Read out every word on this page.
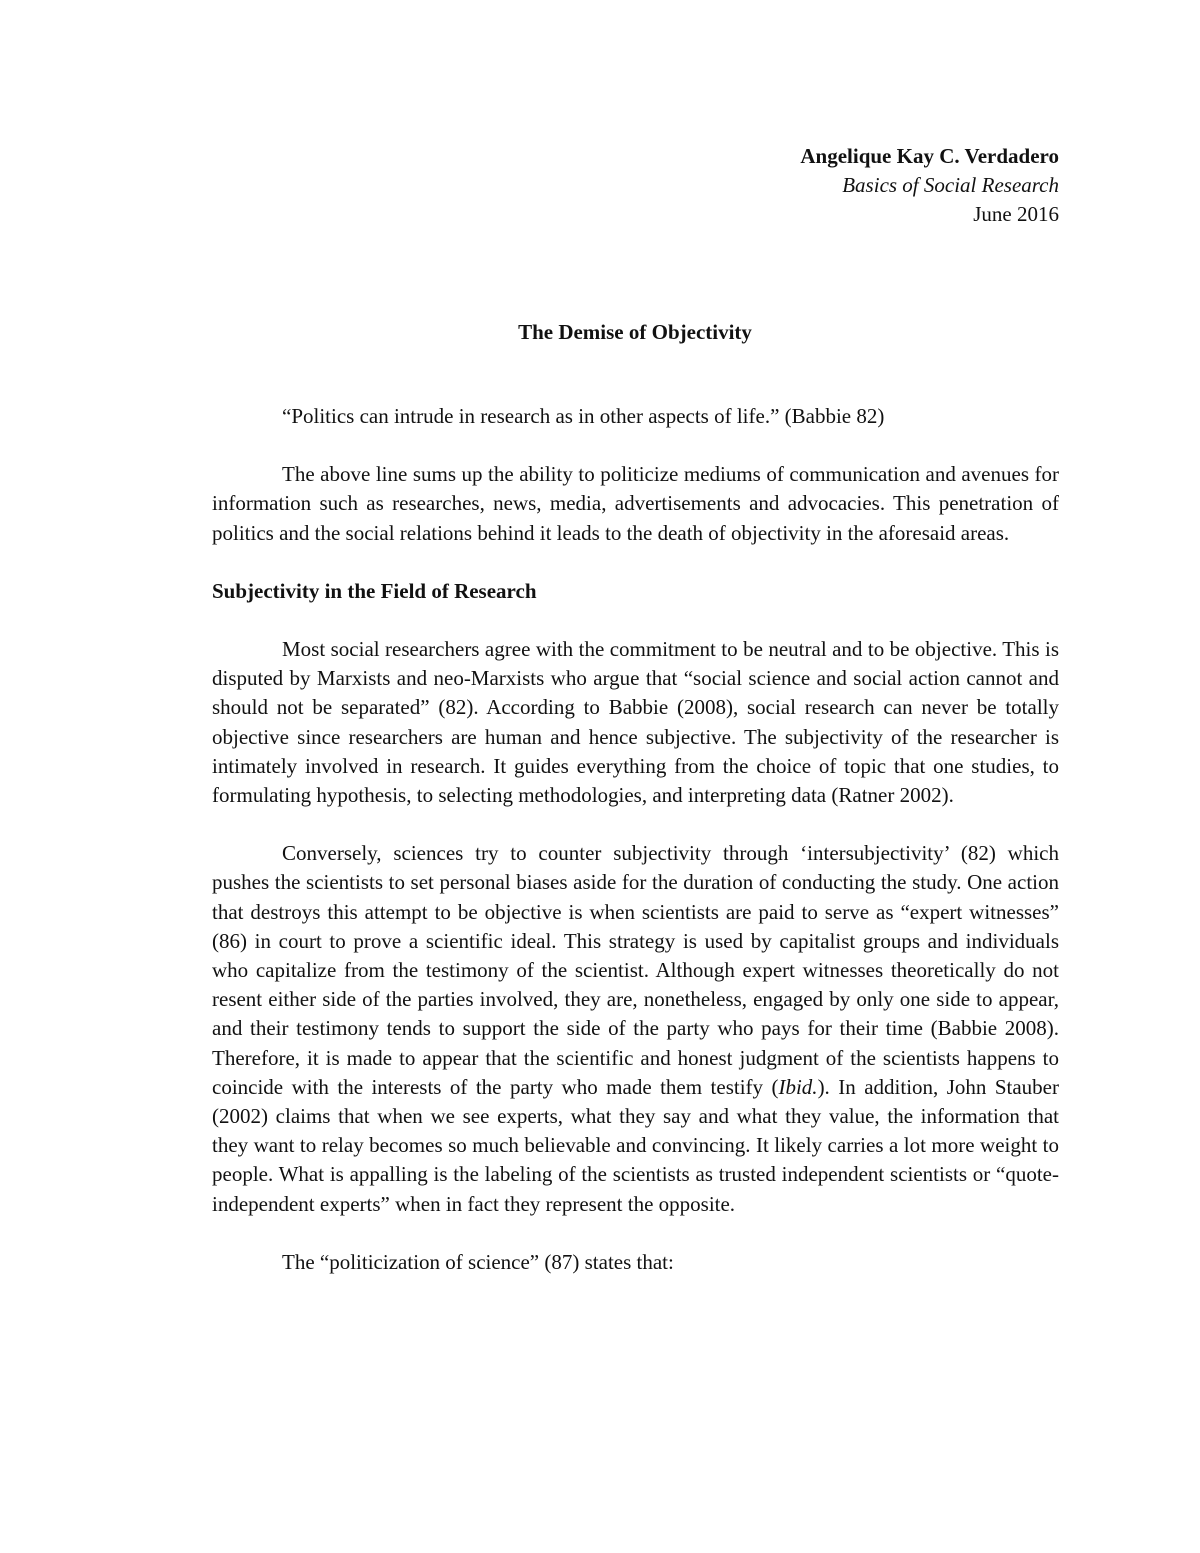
Angelique Kay C. Verdadero
Basics of Social Research
June 2016
The Demise of Objectivity

“Politics can intrude in research as in other aspects of life.” (Babbie 82)

The above line sums up the ability to politicize mediums of communication and avenues for information such as researches, news, media, advertisements and advocacies. This penetration of politics and the social relations behind it leads to the death of objectivity in the aforesaid areas.

Subjectivity in the Field of Research

Most social researchers agree with the commitment to be neutral and to be objective. This is disputed by Marxists and neo-Marxists who argue that “social science and social action cannot and should not be separated” (82). According to Babbie (2008), social research can never be totally objective since researchers are human and hence subjective. The subjectivity of the researcher is intimately involved in research. It guides everything from the choice of topic that one studies, to formulating hypothesis, to selecting methodologies, and interpreting data (Ratner 2002).

Conversely, sciences try to counter subjectivity through ‘intersubjectivity’ (82) which pushes the scientists to set personal biases aside for the duration of conducting the study. One action that destroys this attempt to be objective is when scientists are paid to serve as “expert witnesses” (86) in court to prove a scientific ideal. This strategy is used by capitalist groups and individuals who capitalize from the testimony of the scientist. Although expert witnesses theoretically do not resent either side of the parties involved, they are, nonetheless, engaged by only one side to appear, and their testimony tends to support the side of the party who pays for their time (Babbie 2008). Therefore, it is made to appear that the scientific and honest judgment of the scientists happens to coincide with the interests of the party who made them testify (Ibid.). In addition, John Stauber (2002) claims that when we see experts, what they say and what they value, the information that they want to relay becomes so much believable and convincing. It likely carries a lot more weight to people. What is appalling is the labeling of the scientists as trusted independent scientists or “quote-independent experts” when in fact they represent the opposite.

The “politicization of science” (87) states that:
